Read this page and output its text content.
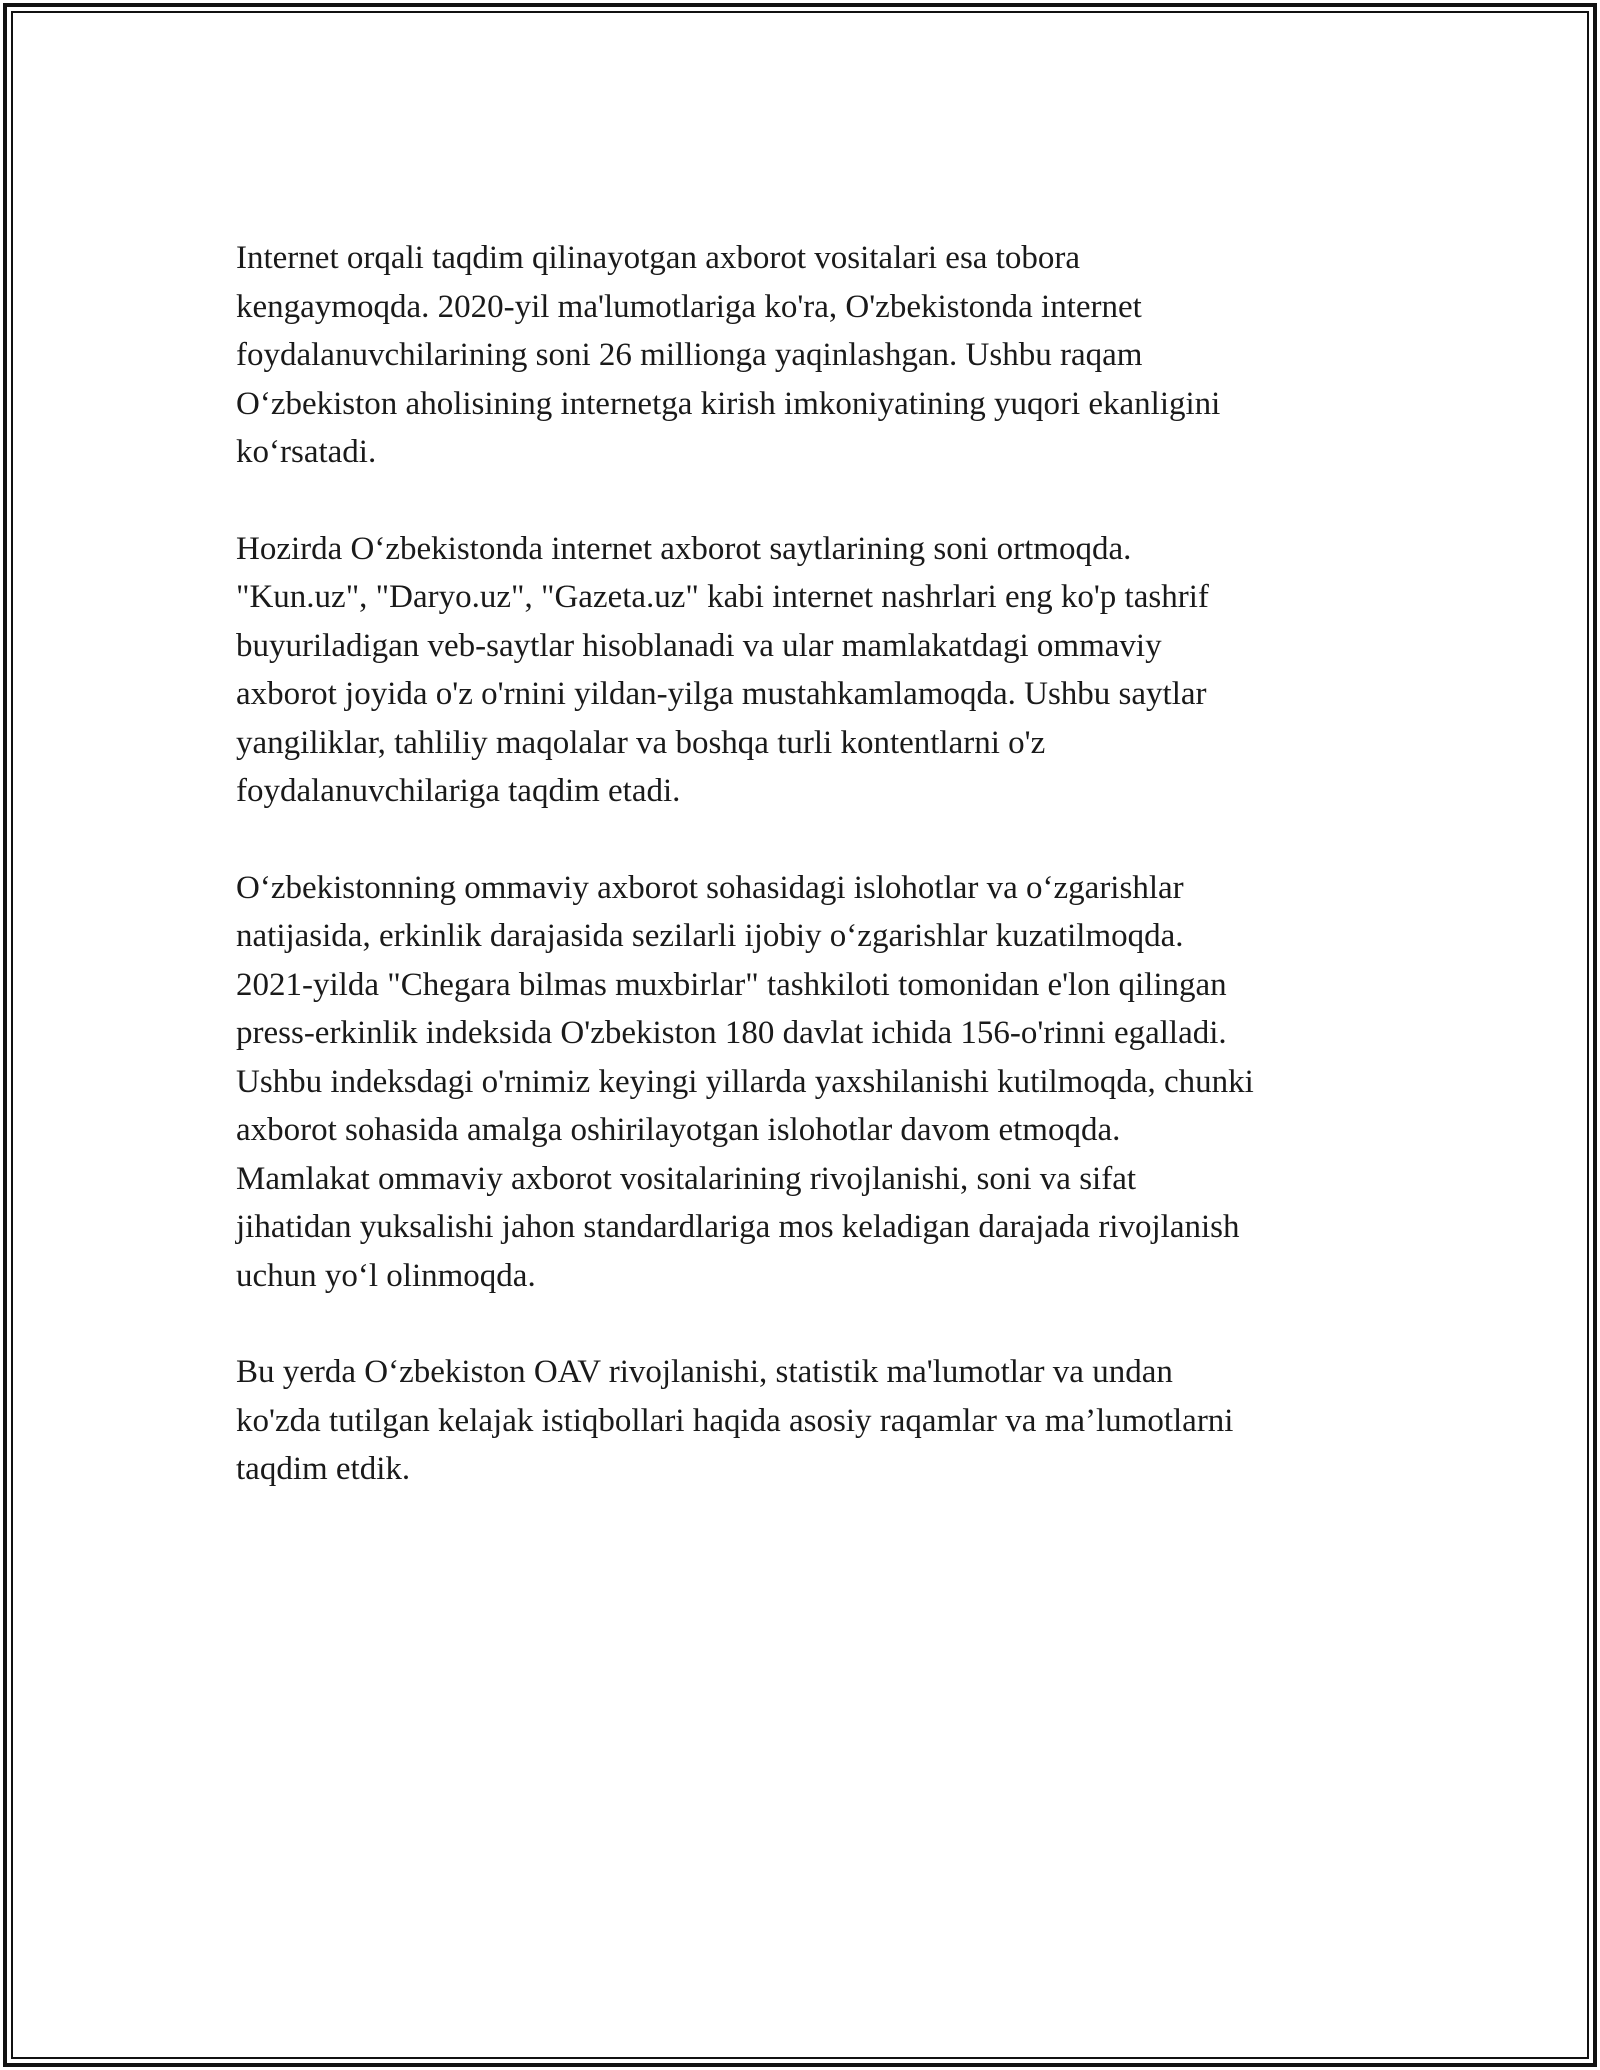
Internet orqali taqdim qilinayotgan axborot vositalari esa tobora
kengaymoqda. 2020-yil ma'lumotlariga ko'ra, O'zbekistonda internet
foydalanuvchilarining soni 26 millionga yaqinlashgan. Ushbu raqam
O‘zbekiston aholisining internetga kirish imkoniyatining yuqori ekanligini
ko‘rsatadi.

Hozirda O‘zbekistonda internet axborot saytlarining soni ortmoqda.
"Kun.uz", "Daryo.uz", "Gazeta.uz" kabi internet nashrlari eng ko'p tashrif
buyuriladigan veb-saytlar hisoblanadi va ular mamlakatdagi ommaviy
axborot joyida o'z o'rnini yildan-yilga mustahkamlamoqda. Ushbu saytlar
yangiliklar, tahliliy maqolalar va boshqa turli kontentlarni o'z
foydalanuvchilariga taqdim etadi.

O‘zbekistonning ommaviy axborot sohasidagi islohotlar va o‘zgarishlar
natijasida, erkinlik darajasida sezilarli ijobiy o‘zgarishlar kuzatilmoqda.
2021-yilda "Chegara bilmas muxbirlar" tashkiloti tomonidan e'lon qilingan
press-erkinlik indeksida O'zbekiston 180 davlat ichida 156-o'rinni egalladi.
Ushbu indeksdagi o'rnimiz keyingi yillarda yaxshilanishi kutilmoqda, chunki
axborot sohasida amalga oshirilayotgan islohotlar davom etmoqda.
Mamlakat ommaviy axborot vositalarining rivojlanishi, soni va sifat
jihatidan yuksalishi jahon standardlariga mos keladigan darajada rivojlanish
uchun yo‘l olinmoqda.

Bu yerda O‘zbekiston OAV rivojlanishi, statistik ma'lumotlar va undan
ko'zda tutilgan kelajak istiqbollari haqida asosiy raqamlar va ma’lumotlarni
taqdim etdik.
